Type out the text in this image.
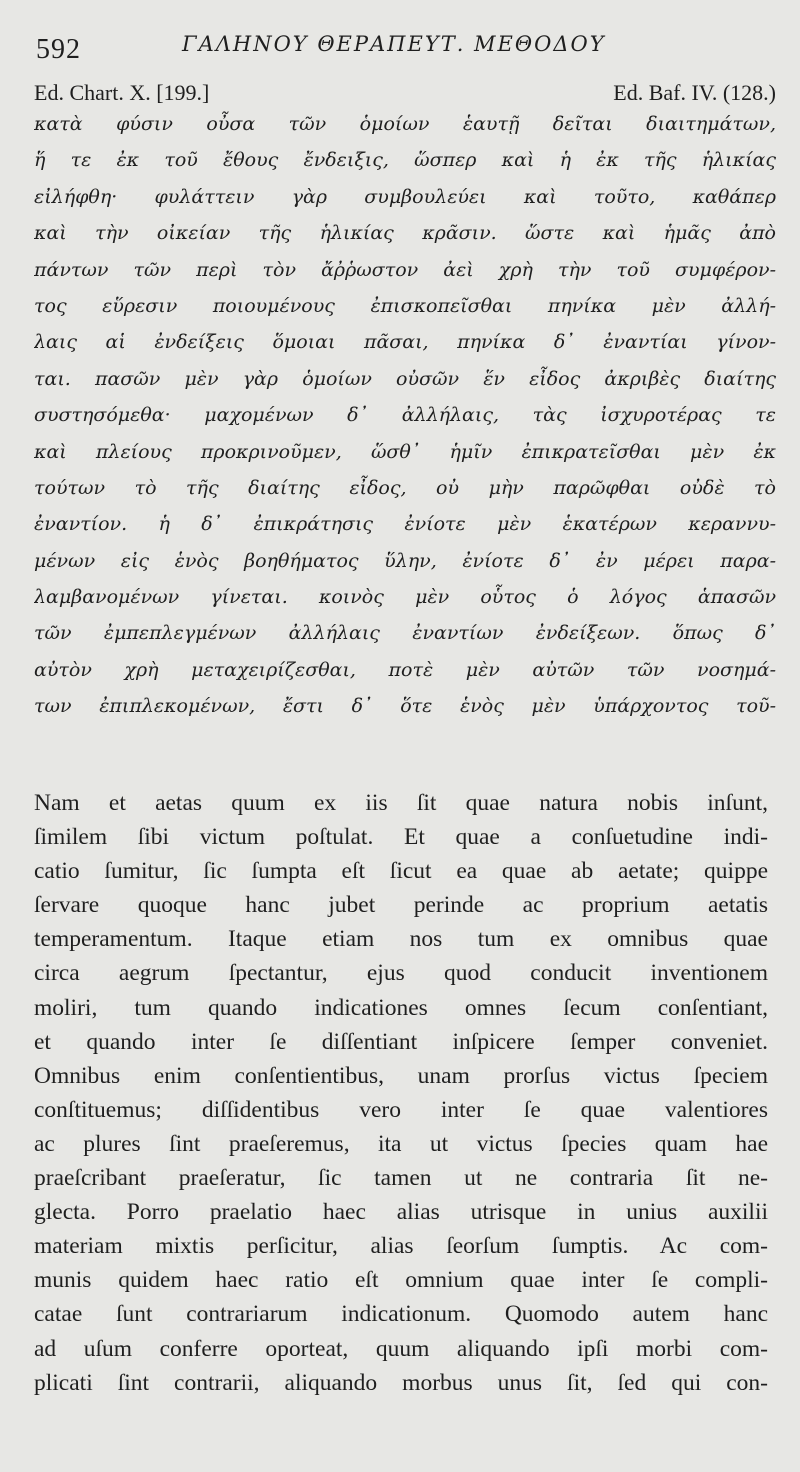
592	ΓΑΛΗΝΟΥ ΘΕΡΑΠΕΥΤ. ΜΕΘΟΔΟΥ
Ed. Chart. X. [199.]	Ed. Baf. IV. (128.)
κατὰ φύσιν οὖσα τῶν ὁμοίων ἑαυτῇ δεῖται διαιτημάτων,
ἥ τε ἐκ τοῦ ἔθους ἔνδειξις, ὥσπερ καὶ ἡ ἐκ τῆς ἡλικίας
εἰλήφθη· φυλάττειν γὰρ συμβουλεύει καὶ τοῦτο, καθάπερ
καὶ τὴν οἰκείαν τῆς ἡλικίας κρᾶσιν. ὥστε καὶ ἡμᾶς ἀπὸ
πάντων τῶν περὶ τὸν ἄῤῥωστον ἀεὶ χρὴ τὴν τοῦ συμφέρον-
τος εὕρεσιν ποιουμένους ἐπισκοπεῖσθαι πηνίκα μὲν ἀλλή-
λαις αἱ ἐνδείξεις ὅμοιαι πᾶσαι, πηνίκα δ᾽ ἐναντίαι γίνον-
ται. πασῶν μὲν γὰρ ὁμοίων οὐσῶν ἕν εἶδος ἀκριβὲς διαίτης
συστησόμεθα· μαχομένων δ᾽ ἀλλήλαις, τὰς ἰσχυροτέρας τε
καὶ πλείους προκρινοῦμεν, ὥσθ᾽ ἡμῖν ἐπικρατεῖσθαι μὲν ἐκ
τούτων τὸ τῆς διαίτης εἶδος, οὐ μὴν παρῶφθαι οὐδὲ τὸ
ἐναντίον. ἡ δ᾽ ἐπικράτησις ἐνίοτε μὲν ἑκατέρων κεραννυ-
μένων εἰς ἑνὸς βοηθήματος ὕλην, ἐνίοτε δ᾽ ἐν μέρει παρα-
λαμβανομένων γίνεται. κοινὸς μὲν οὗτος ὁ λόγος ἁπασῶν
τῶν ἐμπεπλεγμένων ἀλλήλαις ἐναντίων ἐνδείξεων. ὅπως δ᾽
αὐτὸν χρὴ μεταχειρίζεσθαι, ποτὲ μὲν αὐτῶν τῶν νοσημά-
των ἐπιπλεκομένων, ἔστι δ᾽ ὅτε ἑνὸς μὲν ὑπάρχοντος τοῦ-
Nam et aetas quum ex iis ſit quae natura nobis inſunt,
ſimilem ſibi victum poſtulat. Et quae a conſuetudine indi-
catio ſumitur, ſic ſumpta eſt ſicut ea quae ab aetate; quippe
ſervare quoque hanc jubet perinde ac proprium aetatis
temperamentum. Itaque etiam nos tum ex omnibus quae
circa aegrum ſpectantur, ejus quod conducit inventionem
moliri, tum quando indicationes omnes ſecum conſentiant,
et quando inter ſe diſſentiant inſpicere ſemper conveniet.
Omnibus enim conſentientibus, unam prorſus victus ſpeciem
conſtituemus; diſſidentibus vero inter ſe quae valentiores
ac plures ſint praeſeremus, ita ut victus ſpecies quam hae
praeſcribant praeſeratur, ſic tamen ut ne contraria ſit ne-
glecta. Porro praelatio haec alias utrisque in unius auxilii
materiam mixtis perſicitur, alias ſeorſum ſumptis. Ac com-
munis quidem haec ratio eſt omnium quae inter ſe compli-
catae ſunt contrariarum indicationum. Quomodo autem hanc
ad uſum conferre oporteat, quum aliquando ipſi morbi com-
plicati ſint contrarii, aliquando morbus unus ſit, ſed qui con-
